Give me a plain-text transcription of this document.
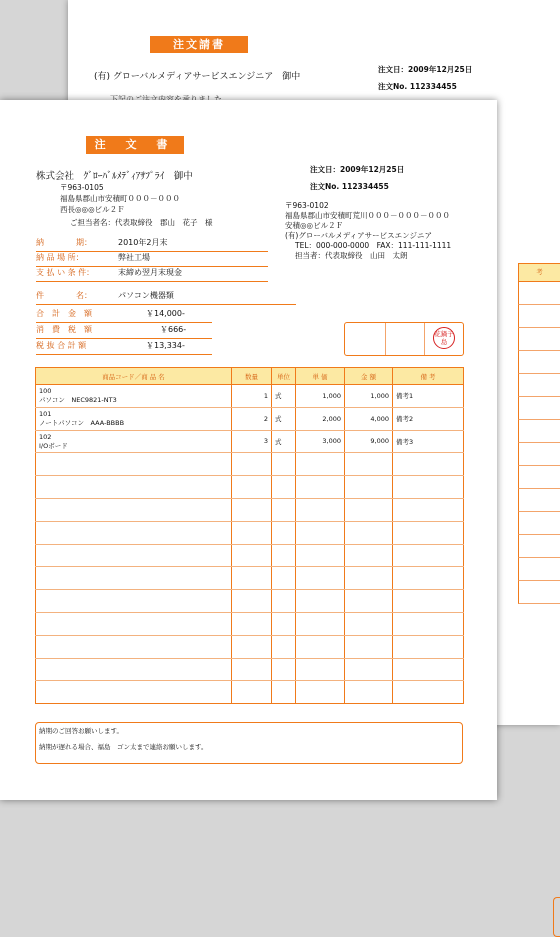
注文請書
(有) グローバルメディアサービスエンジニア　御中
注文日：2009年12月25日
注文No. 112334455
考
注 文 書
株式会社　ｸﾞﾛｰﾊﾞﾙﾒﾃﾞｨｱｻﾌﾟﾗｲ　御中
〒963-0105
福島県郡山市安積町０００－０００
西長◎◎◎ビル２Ｆ
ご担当者名：代表取締役　郡山　花子　様
注文日：2009年12月25日
注文No. 112334455
〒963-0102
福島県郡山市安積町荒川０００－０００－０００
安積◎◎ビル２Ｆ
(有)グローバルメディアサービスエンジニア
TEL：000-000-0000　FAX：111-111-1111
担当者：代表取締役　山田　太朗
納　　　　期：	2010年2月末
納 品 場 所：	弊社工場
支 払 い 条 件：	末締め翌月末現金
件　　　　名：	パソコン機器類
合　計　金　額	￥14,000-
消　費　税　額	￥666-
税 抜 合 計 額	￥13,334-
花鍋子島
商品コード／商 品 名	数量	単位	単 価	金 額	備 考

100
パソコン　NEC9821-NT3	1	式	1,000	1,000	備考1

101
ノートパソコン　AAA-BBBB	2	式	2,000	4,000	備考2

102
I/Oボード	3	式	3,000	9,000	備考3

納期のご回答お願いします。
納期が遅れる場合、福島　ゴン太まで連絡お願いします。
